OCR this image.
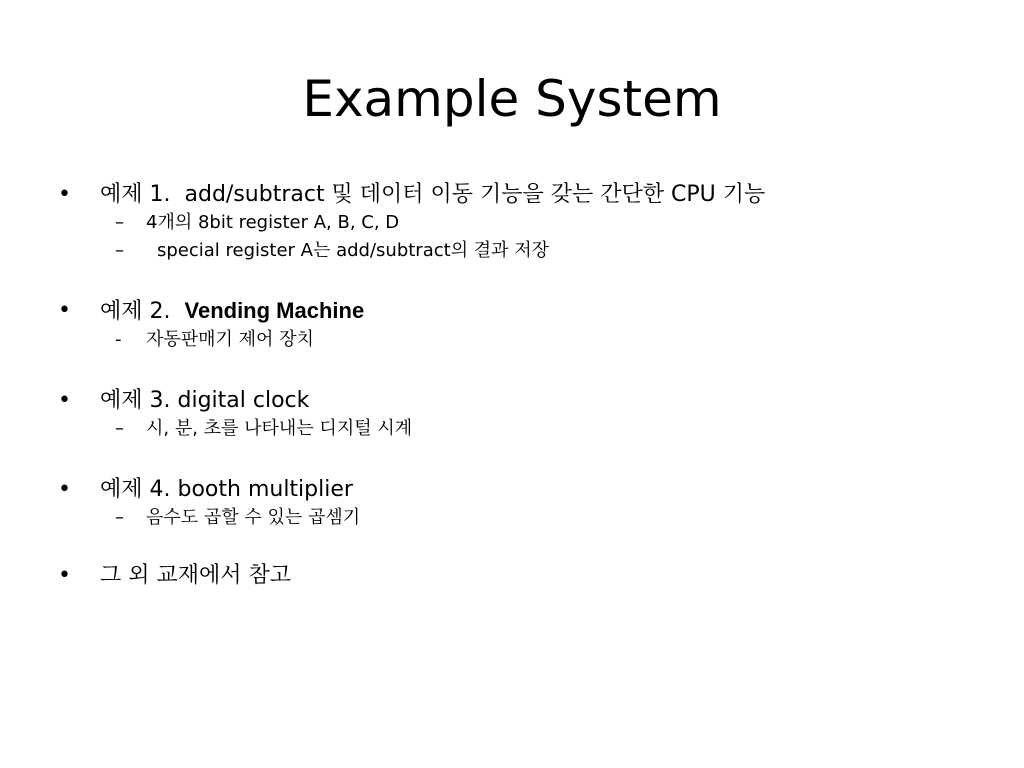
Example System
• 예제 1. add/subtract 및 데이터 이동 기능을 갖는 간단한 CPU 기능
– 4개의 8bit register A, B, C, D
– special register A는 add/subtract의 결과 저장
• 예제 2. Vending Machine
- 자동판매기 제어 장치
• 예제 3. digital clock
– 시, 분, 초를 나타내는 디지털 시계
• 예제 4. booth multiplier
– 음수도 곱할 수 있는 곱셈기
• 그 외 교재에서 참고
